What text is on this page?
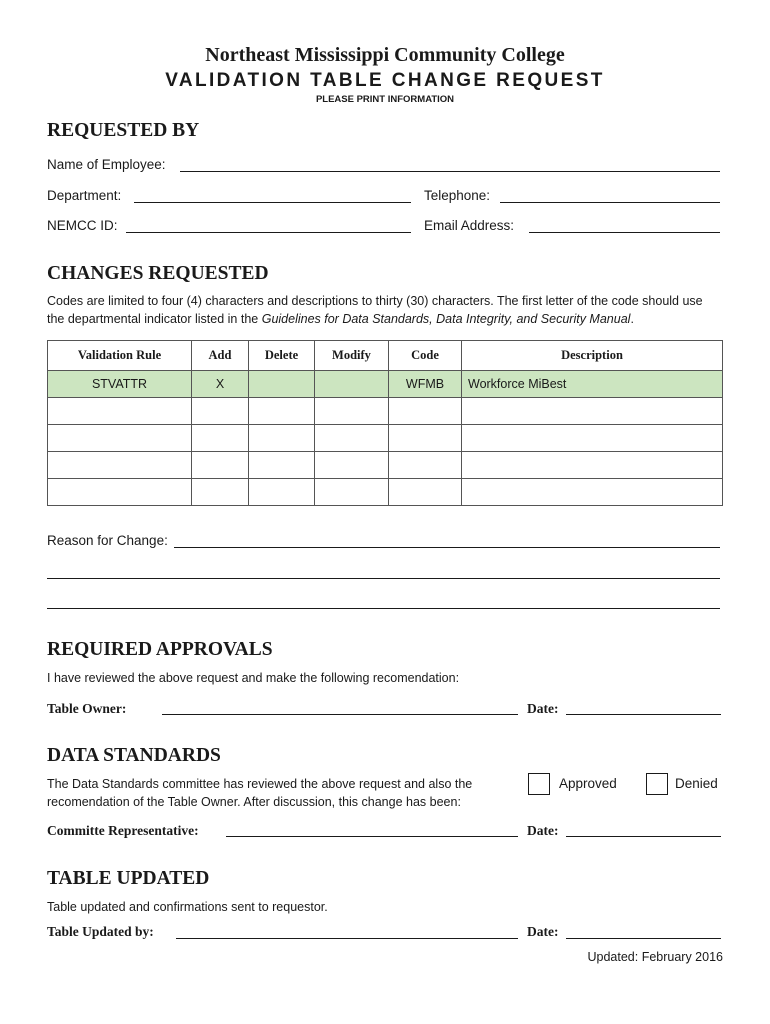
Northeast Mississippi Community College
VALIDATION TABLE CHANGE REQUEST
PLEASE PRINT INFORMATION
REQUESTED BY
Name of Employee:
Department:	Telephone:
NEMCC ID:	Email Address:
CHANGES REQUESTED
Codes are limited to four (4) characters and descriptions to thirty (30) characters. The first letter of the code should use the departmental indicator listed in the Guidelines for Data Standards, Data Integrity, and Security Manual.
Validation Rule	Add	Delete	Modify	Code	Description
STVATTR	X			WFMB	Workforce MiBest

Reason for Change:
REQUIRED APPROVALS
I have reviewed the above request and make the following recomendation:
Table Owner:	Date:
DATA STANDARDS
The Data Standards committee has reviewed the above request and also the recomendation of the Table Owner. After discussion, this change has been:
Approved	Denied
Committe Representative:	Date:
TABLE UPDATED
Table updated and confirmations sent to requestor.
Table Updated by:	Date:
Updated: February 2016
